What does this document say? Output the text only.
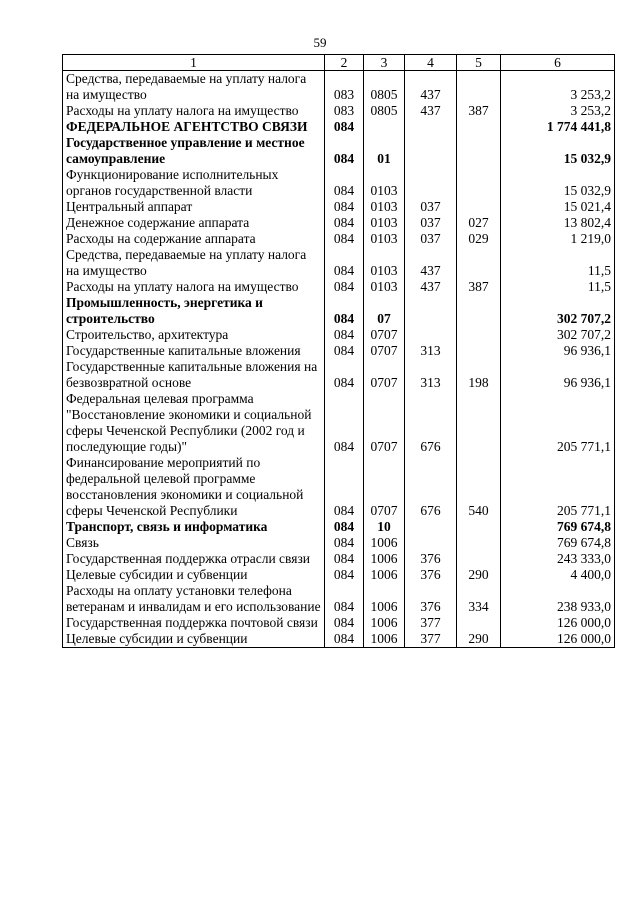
59
1	2	3	4	5	6
Средства, передаваемые на уплату налога на имущество	083	0805	437		3 253,2
Расходы на уплату налога на имущество	083	0805	437	387	3 253,2
ФЕДЕРАЛЬНОЕ АГЕНТСТВО СВЯЗИ	084				1 774 441,8
Государственное управление и местное самоуправление	084	01			15 032,9
Функционирование исполнительных органов государственной власти	084	0103			15 032,9
Центральный аппарат	084	0103	037		15 021,4
Денежное содержание аппарата	084	0103	037	027	13 802,4
Расходы на содержание аппарата	084	0103	037	029	1 219,0
Средства, передаваемые на уплату налога на имущество	084	0103	437		11,5
Расходы на уплату налога на имущество	084	0103	437	387	11,5
Промышленность, энергетика и строительство	084	07			302 707,2
Строительство, архитектура	084	0707			302 707,2
Государственные капитальные вложения	084	0707	313		96 936,1
Государственные капитальные вложения на безвозвратной основе	084	0707	313	198	96 936,1
Федеральная целевая программа "Восстановление экономики и социальной сферы Чеченской Республики (2002 год и последующие годы)"	084	0707	676		205 771,1
Финансирование мероприятий по федеральной целевой программе восстановления экономики и социальной сферы Чеченской Республики	084	0707	676	540	205 771,1
Транспорт, связь и информатика	084	10			769 674,8
Связь	084	1006			769 674,8
Государственная поддержка отрасли связи	084	1006	376		243 333,0
Целевые субсидии и субвенции	084	1006	376	290	4 400,0
Расходы на оплату установки телефона ветеранам и инвалидам и его использование	084	1006	376	334	238 933,0
Государственная поддержка почтовой связи	084	1006	377		126 000,0
Целевые субсидии и субвенции	084	1006	377	290	126 000,0
